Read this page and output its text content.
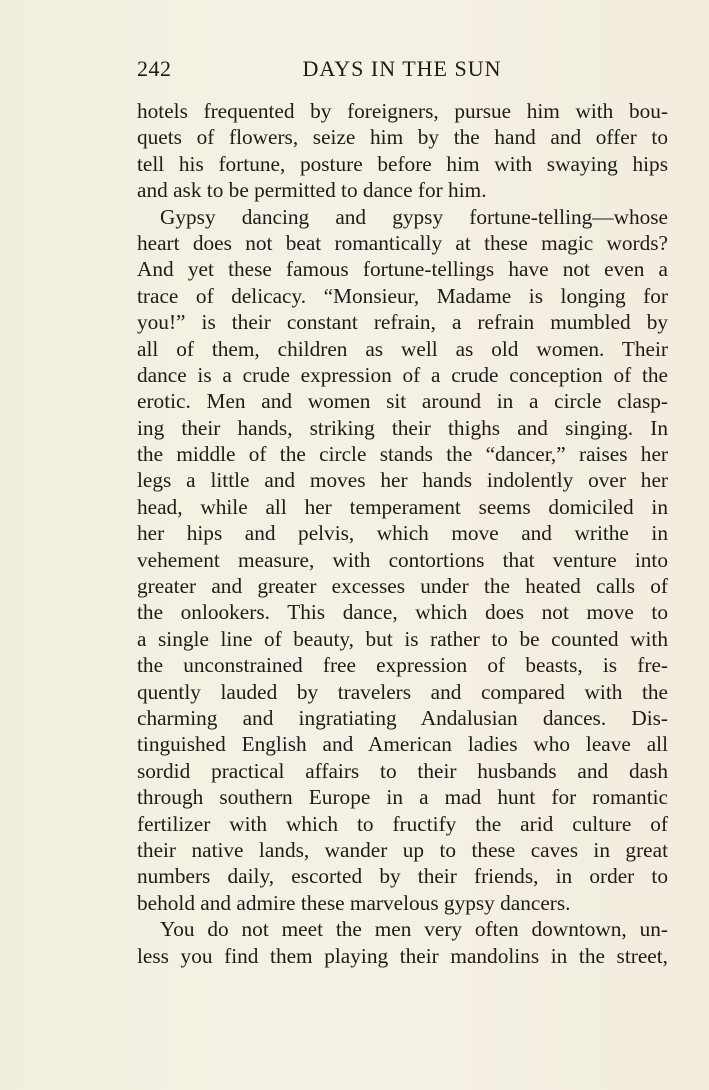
242	DAYS IN THE SUN
hotels frequented by foreigners, pursue him with bou-
quets of flowers, seize him by the hand and offer to
tell his fortune, posture before him with swaying hips
and ask to be permitted to dance for him.
Gypsy dancing and gypsy fortune-telling—whose
heart does not beat romantically at these magic words?
And yet these famous fortune-tellings have not even a
trace of delicacy. “Monsieur, Madame is longing for
you!” is their constant refrain, a refrain mumbled by
all of them, children as well as old women. Their
dance is a crude expression of a crude conception of the
erotic. Men and women sit around in a circle clasp-
ing their hands, striking their thighs and singing. In
the middle of the circle stands the “dancer,” raises her
legs a little and moves her hands indolently over her
head, while all her temperament seems domiciled in
her hips and pelvis, which move and writhe in
vehement measure, with contortions that venture into
greater and greater excesses under the heated calls of
the onlookers. This dance, which does not move to
a single line of beauty, but is rather to be counted with
the unconstrained free expression of beasts, is fre-
quently lauded by travelers and compared with the
charming and ingratiating Andalusian dances. Dis-
tinguished English and American ladies who leave all
sordid practical affairs to their husbands and dash
through southern Europe in a mad hunt for romantic
fertilizer with which to fructify the arid culture of
their native lands, wander up to these caves in great
numbers daily, escorted by their friends, in order to
behold and admire these marvelous gypsy dancers.
You do not meet the men very often downtown, un-
less you find them playing their mandolins in the street,
